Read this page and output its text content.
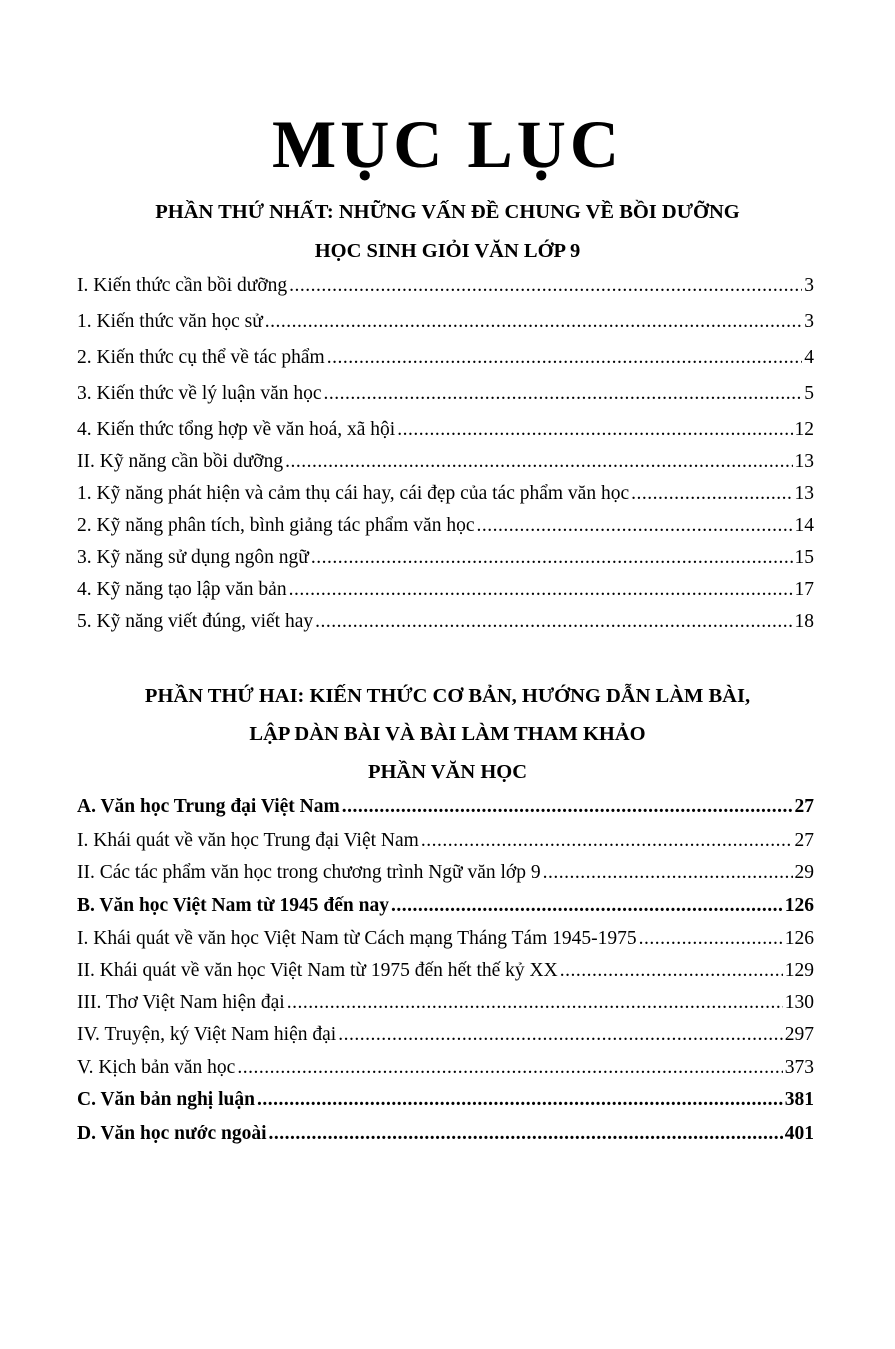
MỤC LỤC
PHẦN THỨ NHẤT: NHỮNG VẤN ĐỀ CHUNG VỀ BỒI DƯỠNG
HỌC SINH GIỎI VĂN LỚP 9
I. Kiến thức cần bồi dưỡng .....	3
1. Kiến thức văn học sử .....	3
2. Kiến thức cụ thể về tác phẩm .....	4
3. Kiến thức về lý luận văn học .....	5
4. Kiến thức tổng hợp về văn hoá, xã hội .....	12
II. Kỹ năng cần bồi dưỡng .....	13
1. Kỹ năng phát hiện và cảm thụ cái hay, cái đẹp của tác phẩm văn học .....	13
2. Kỹ năng phân tích, bình giảng tác phẩm văn học .....	14
3. Kỹ năng sử dụng ngôn ngữ .....	15
4. Kỹ năng tạo lập văn bản .....	17
5. Kỹ năng viết đúng, viết hay .....	18
PHẦN THỨ HAI: KIẾN THỨC CƠ BẢN, HƯỚNG DẪN LÀM BÀI,
LẬP DÀN BÀI VÀ BÀI LÀM THAM KHẢO
PHẦN VĂN HỌC
A. Văn học Trung đại Việt Nam .....	27
I. Khái quát về văn học Trung đại Việt Nam .....	27
II. Các tác phẩm văn học trong chương trình Ngữ văn lớp 9 .....	29
B. Văn học Việt Nam từ 1945 đến nay .....	126
I. Khái quát về văn học Việt Nam từ Cách mạng Tháng Tám 1945-1975 .....	126
II. Khái quát về văn học Việt Nam từ 1975 đến hết thế kỷ XX .....	129
III. Thơ Việt Nam hiện đại .....	130
IV. Truyện, ký Việt Nam hiện đại .....	297
V. Kịch bản văn học .....	373
C. Văn bản nghị luận .....	381
D. Văn học nước ngoài .....	401
